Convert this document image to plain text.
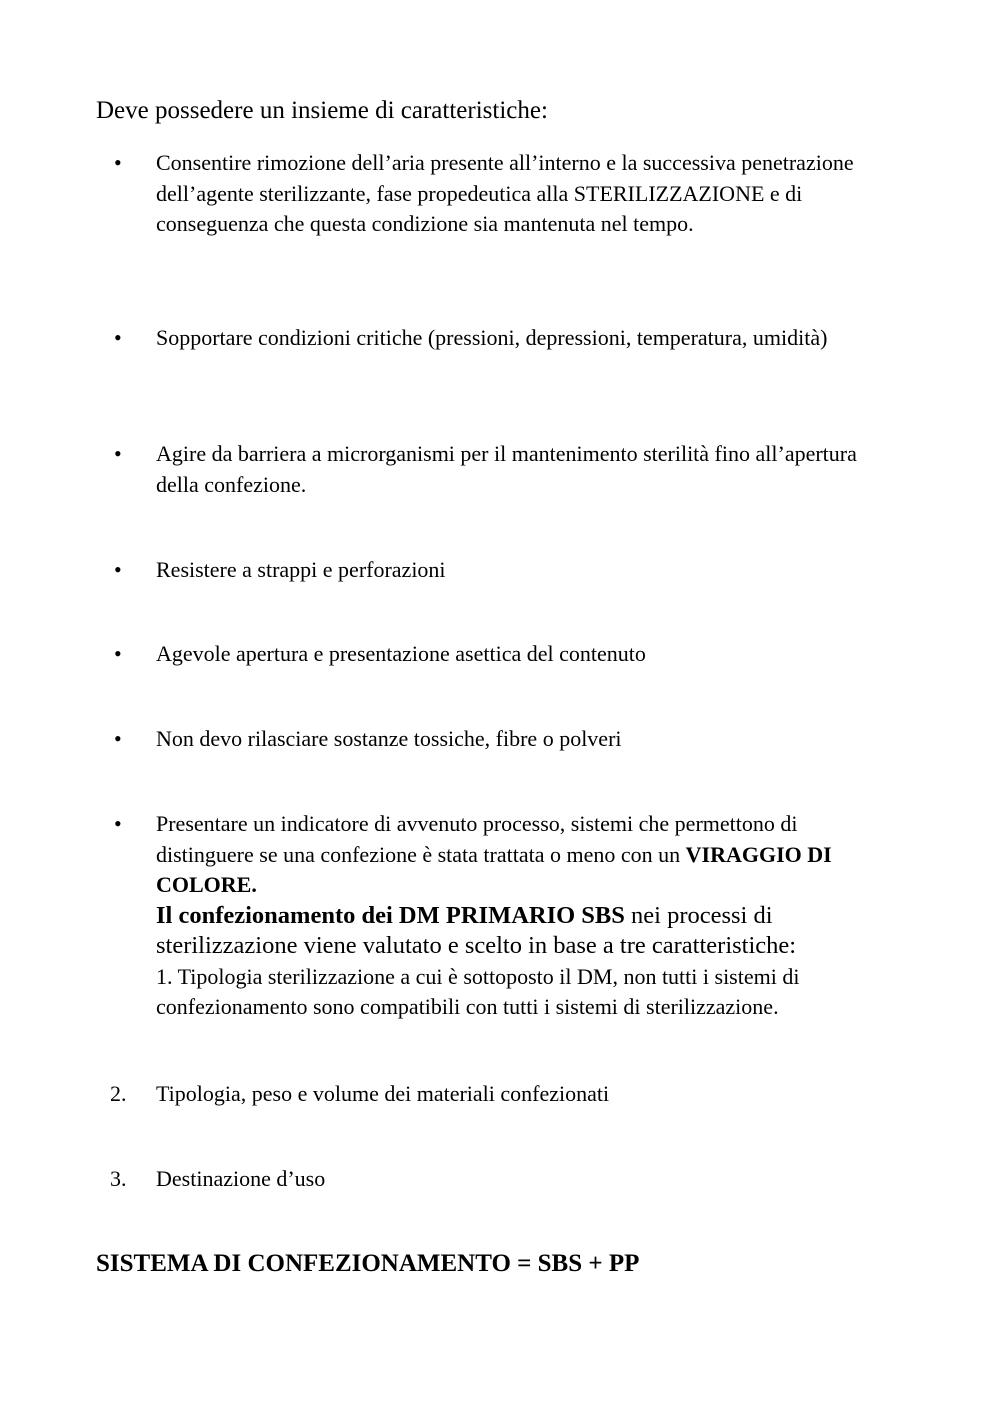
Deve possedere un insieme di caratteristiche:

•	Consentire rimozione dell’aria presente all’interno e la successiva penetrazione dell’agente sterilizzante, fase propedeutica alla STERILIZZAZIONE e di conseguenza che questa condizione sia mantenuta nel tempo.
•	Sopportare condizioni critiche (pressioni, depressioni, temperatura, umidità)
•	Agire da barriera a microrganismi per il mantenimento sterilità fino all’apertura della confezione.
•	Resistere a strappi e perforazioni
•	Agevole apertura e presentazione asettica del contenuto
•	Non devo rilasciare sostanze tossiche, fibre o polveri
•	Presentare un indicatore di avvenuto processo, sistemi che permettono di distinguere se una confezione è stata trattata o meno con un VIRAGGIO DI COLORE.
Il confezionamento dei DM PRIMARIO SBS nei processi di sterilizzazione viene valutato e scelto in base a tre caratteristiche:
1. Tipologia sterilizzazione a cui è sottoposto il DM, non tutti i sistemi di confezionamento sono compatibili con tutti i sistemi di sterilizzazione.
2.	Tipologia, peso e volume dei materiali confezionati
3.	Destinazione d’uso

SISTEMA DI CONFEZIONAMENTO = SBS + PP
